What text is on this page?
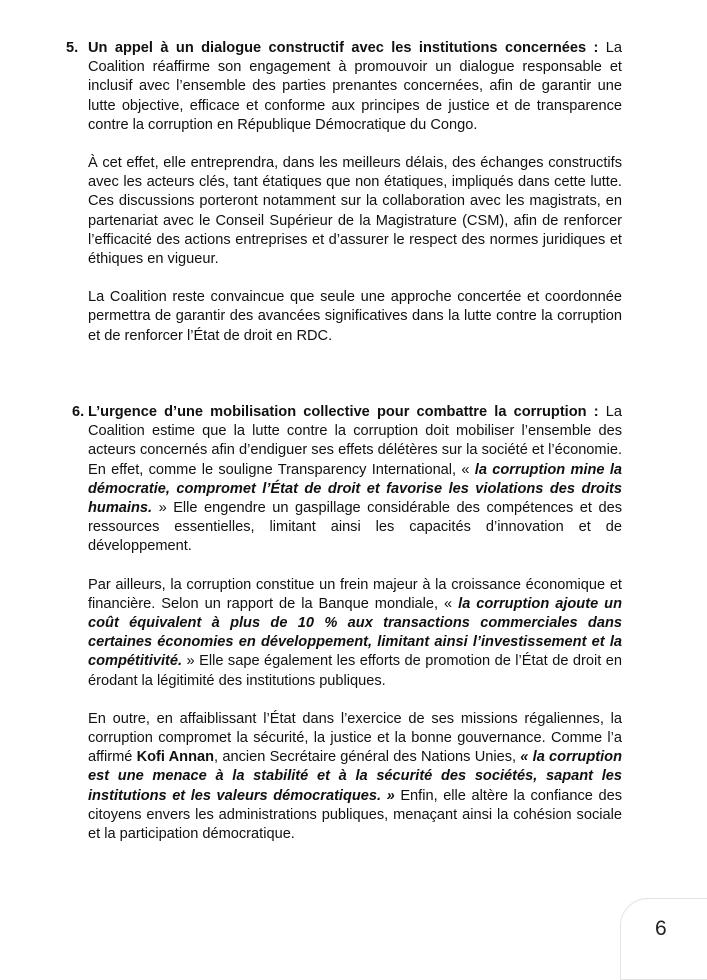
5. Un appel à un dialogue constructif avec les institutions concernées : La Coalition réaffirme son engagement à promouvoir un dialogue responsable et inclusif avec l’ensemble des parties prenantes concernées, afin de garantir une lutte objective, efficace et conforme aux principes de justice et de transparence contre la corruption en République Démocratique du Congo.

À cet effet, elle entreprendra, dans les meilleurs délais, des échanges constructifs avec les acteurs clés, tant étatiques que non étatiques, impliqués dans cette lutte. Ces discussions porteront notamment sur la collaboration avec les magistrats, en partenariat avec le Conseil Supérieur de la Magistrature (CSM), afin de renforcer l’efficacité des actions entreprises et d’assurer le respect des normes juridiques et éthiques en vigueur.

La Coalition reste convaincue que seule une approche concertée et coordonnée permettra de garantir des avancées significatives dans la lutte contre la corruption et de renforcer l’État de droit en RDC.

6. L’urgence d’une mobilisation collective pour combattre la corruption : La Coalition estime que la lutte contre la corruption doit mobiliser l’ensemble des acteurs concernés afin d’endiguer ses effets délétères sur la société et l’économie. En effet, comme le souligne Transparency International, « la corruption mine la démocratie, compromet l’État de droit et favorise les violations des droits humains. » Elle engendre un gaspillage considérable des compétences et des ressources essentielles, limitant ainsi les capacités d’innovation et de développement.

Par ailleurs, la corruption constitue un frein majeur à la croissance économique et financière. Selon un rapport de la Banque mondiale, « la corruption ajoute un coût équivalent à plus de 10 % aux transactions commerciales dans certaines économies en développement, limitant ainsi l’investissement et la compétitivité. » Elle sape également les efforts de promotion de l’État de droit en érodant la légitimité des institutions publiques.

En outre, en affaiblissant l’État dans l’exercice de ses missions régaliennes, la corruption compromet la sécurité, la justice et la bonne gouvernance. Comme l’a affirmé Kofi Annan, ancien Secrétaire général des Nations Unies, « la corruption est une menace à la stabilité et à la sécurité des sociétés, sapant les institutions et les valeurs démocratiques. » Enfin, elle altère la confiance des citoyens envers les administrations publiques, menaçant ainsi la cohésion sociale et la participation démocratique.

6
